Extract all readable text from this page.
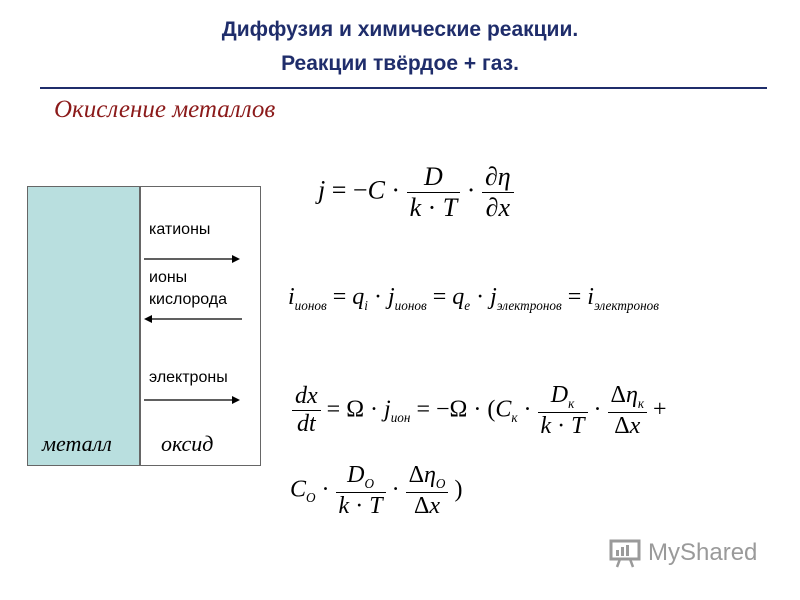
Диффузия и химические реакции.
Реакции твёрдое + газ.
Окисление металлов
катионы
ионы
кислорода
электроны
металл оксид
$j = -C \cdot \frac{D}{k \cdot T} \cdot \frac{\partial\eta}{\partial x}$
$i_{ионов} = q_i \cdot j_{ионов} = q_e \cdot j_{электронов} = i_{электронов}$
$\frac{dx}{dt} = \Omega \cdot j_{ион} = -\Omega \cdot (C_к \cdot \frac{D_к}{k \cdot T} \cdot \frac{\Delta\eta_к}{\Delta x}$ +
$C_O \cdot \frac{D_O}{k \cdot T} \cdot \frac{\Delta\eta_O}{\Delta x}$ )
MyShared
